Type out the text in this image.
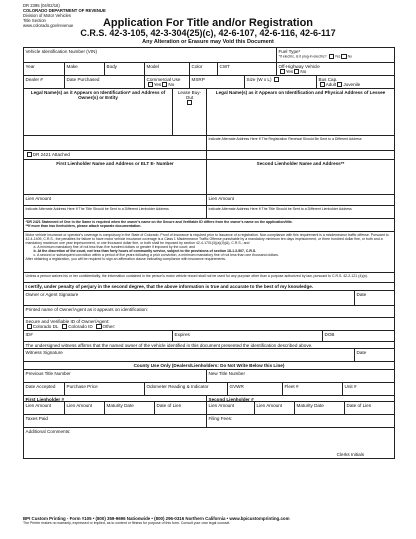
DR 2395 (04/02/16)
COLORADO DEPARTMENT OF REVENUE
Division of Motor Vehicles
Title Section
www.colorado.gov/revenue	Application For Title and/or Registration
C.R.S. 42-3-105, 42-3-304(25)(c), 42-6-107, 42-6-116, 42-6-117
Any Alteration or Erasure may Void this Document
Vehicle Identification Number (VIN)	Fuel Type*
*If electric, is it plug-in electric? Yes No
Year	Make	Body	Model	Color	CWT	Off-Highway Vehicle
Yes No
Dealer #	Date Purchased	Commercial Use
Yes No
MSRP	Size (W x L)	Bus Cap.
Adult Juvenile
Legal Name(s) as it Appears on Identification* and Address of Owner(s) or Entity
Lease Buy-Out

Legal Name(s) as it Appears on Identification and Physical Address of Lessee
Indicate Alternate Address Here If The Registration Renewal Should Be Sent to a Different Address
DR 2421 Attached
First Lienholder Name and Address or ELT E- Number	Second Lienholder Name and Address**
Lien Amount	Lien Amount
Indicate Alternate Address Here If The Title Should be Sent to a Different Lienholder Address	Indicate Alternate Address Here If The Title Should be Sent to a Different Lienholder Address
*DR 2421 Statement of One in the Same is required when the owner's name on the Secure and Verifiable ID differs from the owner's name on the application/title.
**If more than two lienholders, please attach separate documentation.
Motor vehicle insurance or operator's coverage is compulsory in the State of Colorado. Proof of insurance is required prior to issuance of a registration. Non-compliance with this requirement is a misdemeanor traffic offense. Pursuant to 42-4-1409, C.R.S., the penalties for failure to have motor vehicle insurance coverage is a Class 1 Misdemeanor Traffic Offense punishable by a mandatory minimum ten days imprisonment, or three hundred dollar fine, or both and a mandatory maximum one year imprisonment, or one thousand dollar fine, or both shall be imposed by section 42-4-1701(3)(a)(II)(A), C.R.S.; and
a. A minimum mandatory fine of not less than five hundred dollars or greater if imposed by the court; and
b. At the discretion of the court, not less than forty hours of community service, subject to the provisions of section 18-1.3-507, C.R.S.
c. A second or subsequent conviction within a period of five years following a prior conviction, a minimum mandatory fine of not less than one thousand dollars.
After obtaining a registration, you will be required to sign an affirmation clause indicating compliance with insurance requirements.
Unless a person waives his or her confidentiality, the information contained in the person's motor vehicle record shall not be used for any purpose other than a purpose authorized by law, pursuant to C.R.S. 42-2-121 (4)(a).
I certify, under penalty of perjury in the second degree, that the above information is true and accurate to the best of my knowledge.
Owner or Agent Signature	Date
Printed name of Owner/Agent as it appears on identification:
Secure and Verifiable ID of Owner/Agent:
Colorado DL Colorado ID Other:
ID#	Expires	DOB
The undersigned witness affirms that the named owner of the vehicle identified in this document presented the identification described above.
Witness Signature	Date
County Use Only (Dealers/Lienholders: Do Not Write Below this Line)
Previous Title Number	New Title Number
Date Accepted	Purchase Price	Odometer Reading & Indicator	GVWR	Fleet #	Unit #
First Lienholder #	Second Lienholder #
Lien Amount	Lien Amount	Maturity Date	Date of Lien	Lien Amount	Lien Amount	Maturity Date	Date of Lien
Taxes Paid	Filing Fees:
Additional Comments:
Clerks Initials
BPI Custom Printing - Form #105 • (800) 359-9696 Nationwide • (800) 296-0316 Northern California • www.bpicustomprinting.com
The Printer makes no warranty, expressed or implied, as to content or fitness for purpose of this form. Consult your own legal counsel.
